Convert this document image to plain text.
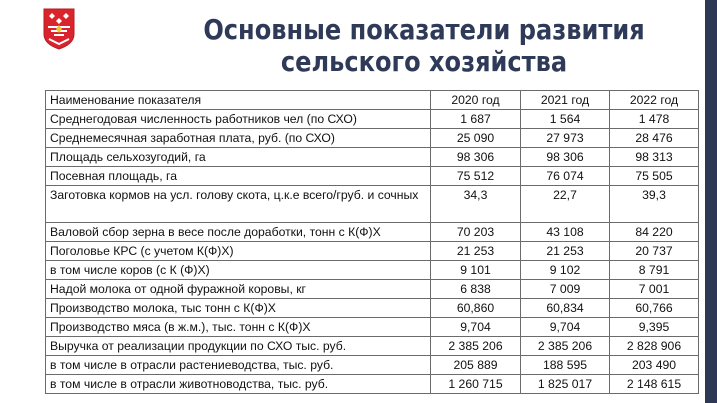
Основные показатели развития
сельского хозяйства
Наименование показателя	2020 год	2021 год	2022 год
Среднегодовая численность работников чел (по СХО)	1 687	1 564	1 478
Среднемесячная заработная плата, руб. (по СХО)	25 090	27 973	28 476
Площадь сельхозугодий, га	98 306	98 306	98 313
Посевная площадь, га	75 512	76 074	75 505
Заготовка кормов на усл. голову скота, ц.к.е всего/груб. и сочных	34,3	22,7	39,3
Валовой сбор зерна в весе после доработки, тонн с К(Ф)Х	70 203	43 108	84 220
Поголовье КРС (с учетом К(Ф)Х)	21 253	21 253	20 737
в том числе коров (с К (Ф)Х)	9 101	9 102	8 791
Надой молока от одной фуражной коровы, кг	6 838	7 009	7 001
Производство молока, тыс тонн с К(Ф)Х	60,860	60,834	60,766
Производство мяса (в ж.м.), тыс. тонн с К(Ф)Х	9,704	9,704	9,395
Выручка от реализации продукции по СХО тыс. руб.	2 385 206	2 385 206	2 828 906
в том числе в отрасли растениеводства, тыс. руб.	205 889	188 595	203 490
в том числе в отрасли животноводства, тыс. руб.	1 260 715	1 825 017	2 148 615
